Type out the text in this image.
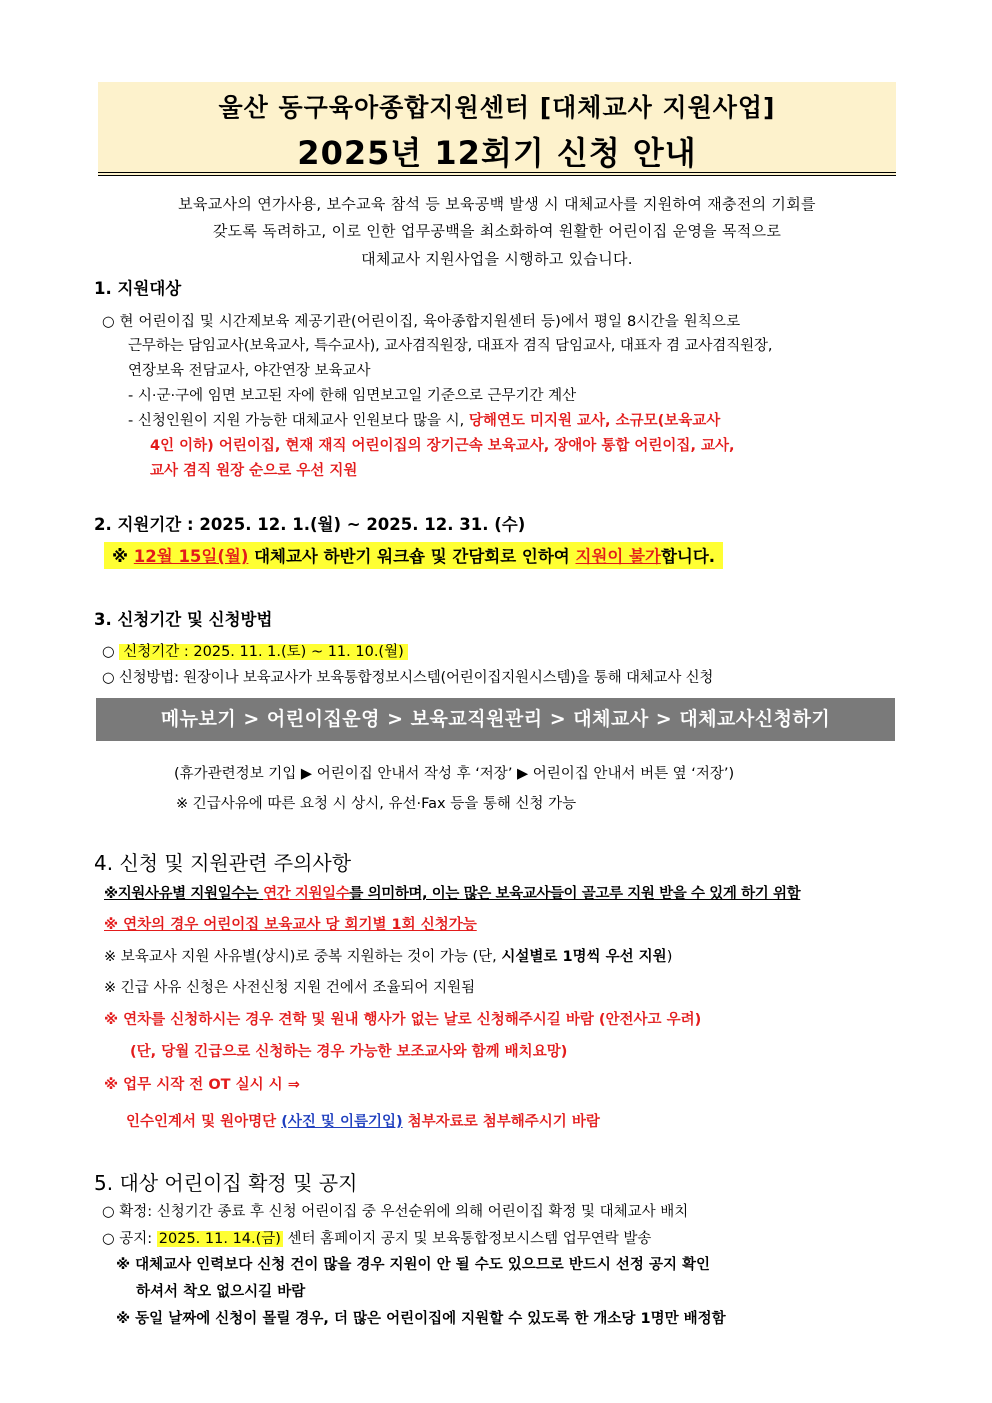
울산 동구육아종합지원센터 [대체교사 지원사업]
2025년 12회기 신청 안내
보육교사의 연가사용, 보수교육 참석 등 보육공백 발생 시 대체교사를 지원하여 재충전의 기회를
갖도록 독려하고, 이로 인한 업무공백을 최소화하여 원활한 어린이집 운영을 목적으로
대체교사 지원사업을 시행하고 있습니다.
1. 지원대상
○ 현 어린이집 및 시간제보육 제공기관(어린이집, 육아종합지원센터 등)에서 평일 8시간을 원칙으로
근무하는 담임교사(보육교사, 특수교사), 교사겸직원장, 대표자 겸직 담임교사, 대표자 겸 교사겸직원장,
연장보육 전담교사, 야간연장 보육교사
- 시·군·구에 임면 보고된 자에 한해 임면보고일 기준으로 근무기간 계산
- 신청인원이 지원 가능한 대체교사 인원보다 많을 시, 당해연도 미지원 교사, 소규모(보육교사
4인 이하) 어린이집, 현재 재직 어린이집의 장기근속 보육교사, 장애아 통합 어린이집, 교사,
교사 겸직 원장 순으로 우선 지원
2. 지원기간 : 2025. 12. 1.(월) ~ 2025. 12. 31. (수)
※ 12월 15일(월) 대체교사 하반기 워크숍 및 간담회로 인하여 지원이 불가합니다.
3. 신청기간 및 신청방법
○ 신청기간 : 2025. 11. 1.(토) ~ 11. 10.(월)
○ 신청방법: 원장이나 보육교사가 보육통합정보시스템(어린이집지원시스템)을 통해 대체교사 신청
메뉴보기 > 어린이집운영 > 보육교직원관리 > 대체교사 > 대체교사신청하기
(휴가관련정보 기입 ▶ 어린이집 안내서 작성 후 ‘저장’ ▶ 어린이집 안내서 버튼 옆 ‘저장’)
※ 긴급사유에 따른 요청 시 상시, 유선·Fax 등을 통해 신청 가능
4. 신청 및 지원관련 주의사항
※지원사유별 지원일수는 연간 지원일수를 의미하며, 이는 많은 보육교사들이 골고루 지원 받을 수 있게 하기 위함
※ 연차의 경우 어린이집 보육교사 당 회기별 1회 신청가능
※ 보육교사 지원 사유별(상시)로 중복 지원하는 것이 가능 (단, 시설별로 1명씩 우선 지원)
※ 긴급 사유 신청은 사전신청 지원 건에서 조율되어 지원됨
※ 연차를 신청하시는 경우 견학 및 원내 행사가 없는 날로 신청해주시길 바람 (안전사고 우려)
(단, 당월 긴급으로 신청하는 경우 가능한 보조교사와 함께 배치요망)
※ 업무 시작 전 OT 실시 시 ⇒
인수인계서 및 원아명단 (사진 및 이름기입) 첨부자료로 첨부해주시기 바람
5. 대상 어린이집 확정 및 공지
○ 확정: 신청기간 종료 후 신청 어린이집 중 우선순위에 의해 어린이집 확정 및 대체교사 배치
○ 공지: 2025. 11. 14.(금) 센터 홈페이지 공지 및 보육통합정보시스템 업무연락 발송
※ 대체교사 인력보다 신청 건이 많을 경우 지원이 안 될 수도 있으므로 반드시 선정 공지 확인
하셔서 착오 없으시길 바람
※ 동일 날짜에 신청이 몰릴 경우, 더 많은 어린이집에 지원할 수 있도록 한 개소당 1명만 배정함
